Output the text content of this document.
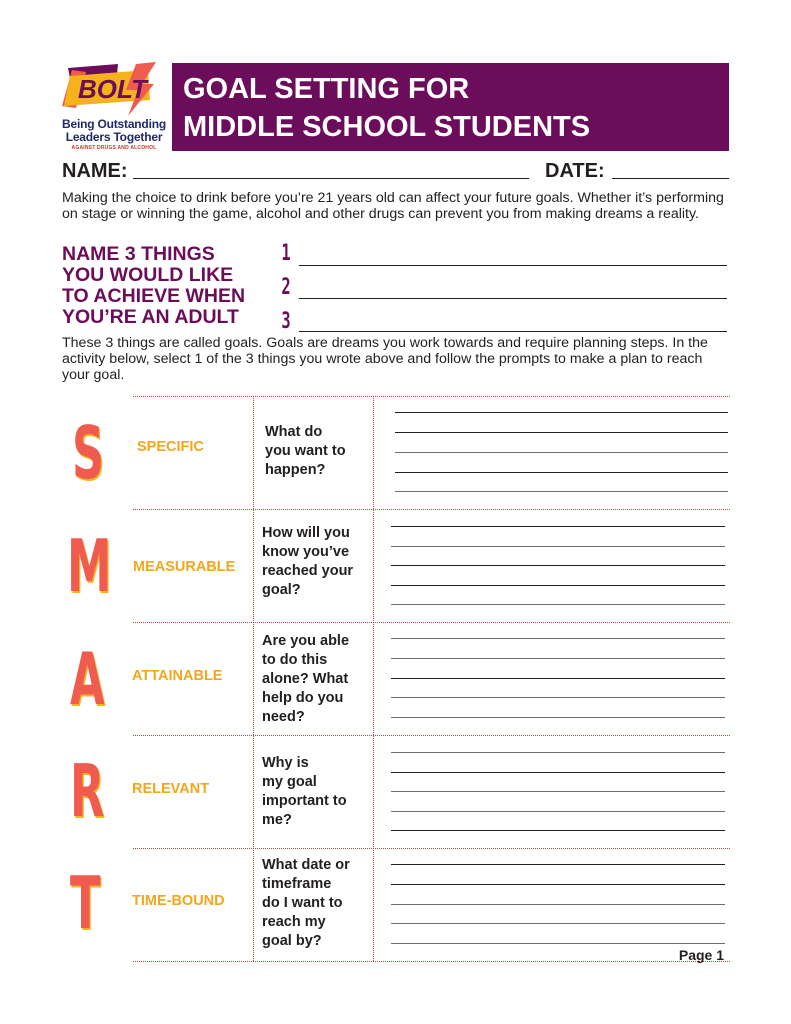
BOLT
Being Outstanding
Leaders Together
AGAINST DRUGS AND ALCOHOL
GOAL SETTING FOR
MIDDLE SCHOOL STUDENTS
NAME:	DATE:
Making the choice to drink before you’re 21 years old can affect your future goals. Whether it’s performing on stage or winning the game, alcohol and other drugs can prevent you from making dreams a reality.
NAME 3 THINGS
YOU WOULD LIKE
TO ACHIEVE WHEN
YOU’RE AN ADULT
1
2
3
These 3 things are called goals. Goals are dreams you work towards and require planning steps. In the activity below, select 1 of the 3 things you wrote above and follow the prompts to make a plan to reach your goal.
S SPECIFIC
What do
you want to
happen?
M MEASURABLE
How will you
know you’ve
reached your
goal?
A ATTAINABLE
Are you able
to do this
alone? What
help do you
need?
R RELEVANT
Why is
my goal
important to
me?
T TIME-BOUND
What date or
timeframe
do I want to
reach my
goal by?
Page 1
